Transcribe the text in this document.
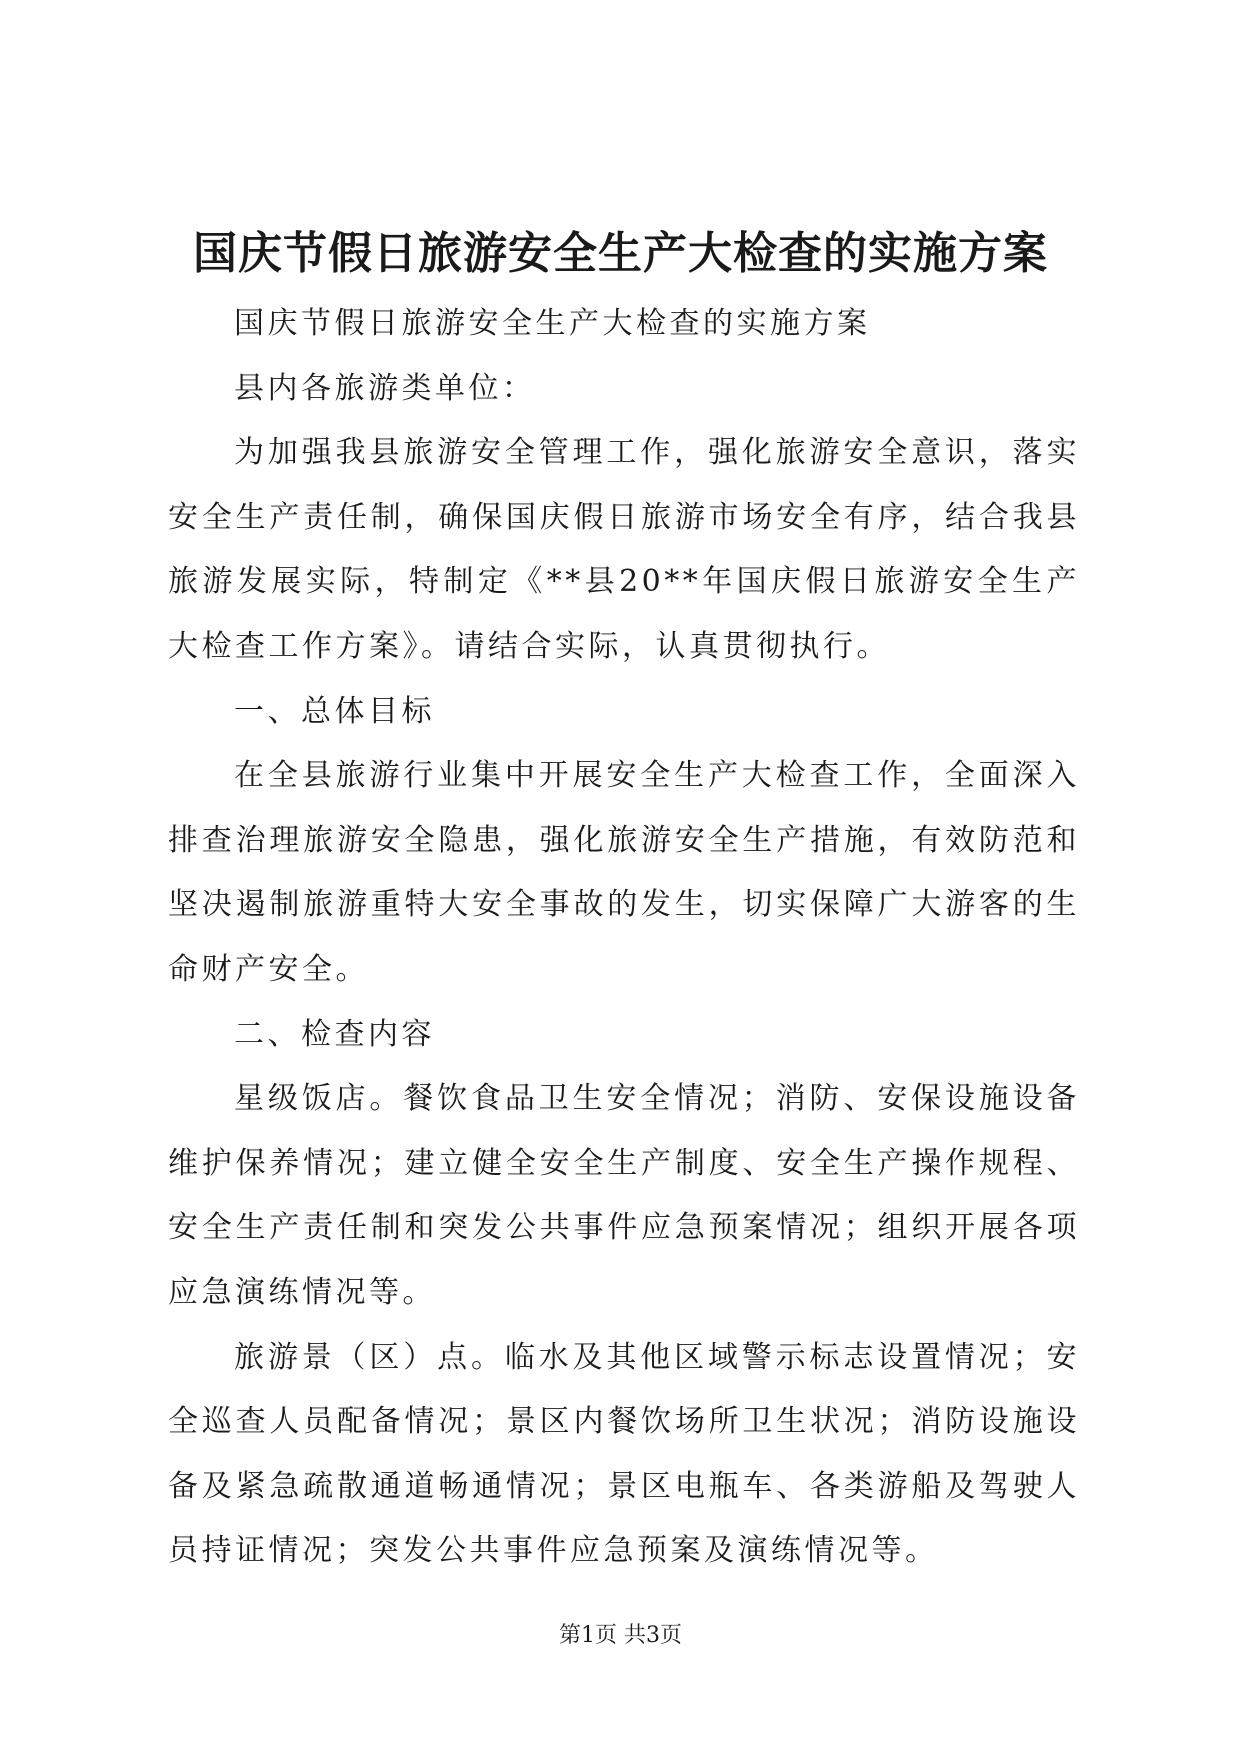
国庆节假日旅游安全生产大检查的实施方案

国庆节假日旅游安全生产大检查的实施方案

县内各旅游类单位：

为加强我县旅游安全管理工作，强化旅游安全意识，落实安全生产责任制，确保国庆假日旅游市场安全有序，结合我县旅游发展实际，特制定《**县20**年国庆假日旅游安全生产大检查工作方案》。请结合实际，认真贯彻执行。

一、总体目标

在全县旅游行业集中开展安全生产大检查工作，全面深入排查治理旅游安全隐患，强化旅游安全生产措施，有效防范和坚决遏制旅游重特大安全事故的发生，切实保障广大游客的生命财产安全。

二、检查内容

星级饭店。餐饮食品卫生安全情况；消防、安保设施设备维护保养情况；建立健全安全生产制度、安全生产操作规程、安全生产责任制和突发公共事件应急预案情况；组织开展各项应急演练情况等。

旅游景（区）点。临水及其他区域警示标志设置情况；安全巡查人员配备情况；景区内餐饮场所卫生状况；消防设施设备及紧急疏散通道畅通情况；景区电瓶车、各类游船及驾驶人员持证情况；突发公共事件应急预案及演练情况等。

第1页 共3页
